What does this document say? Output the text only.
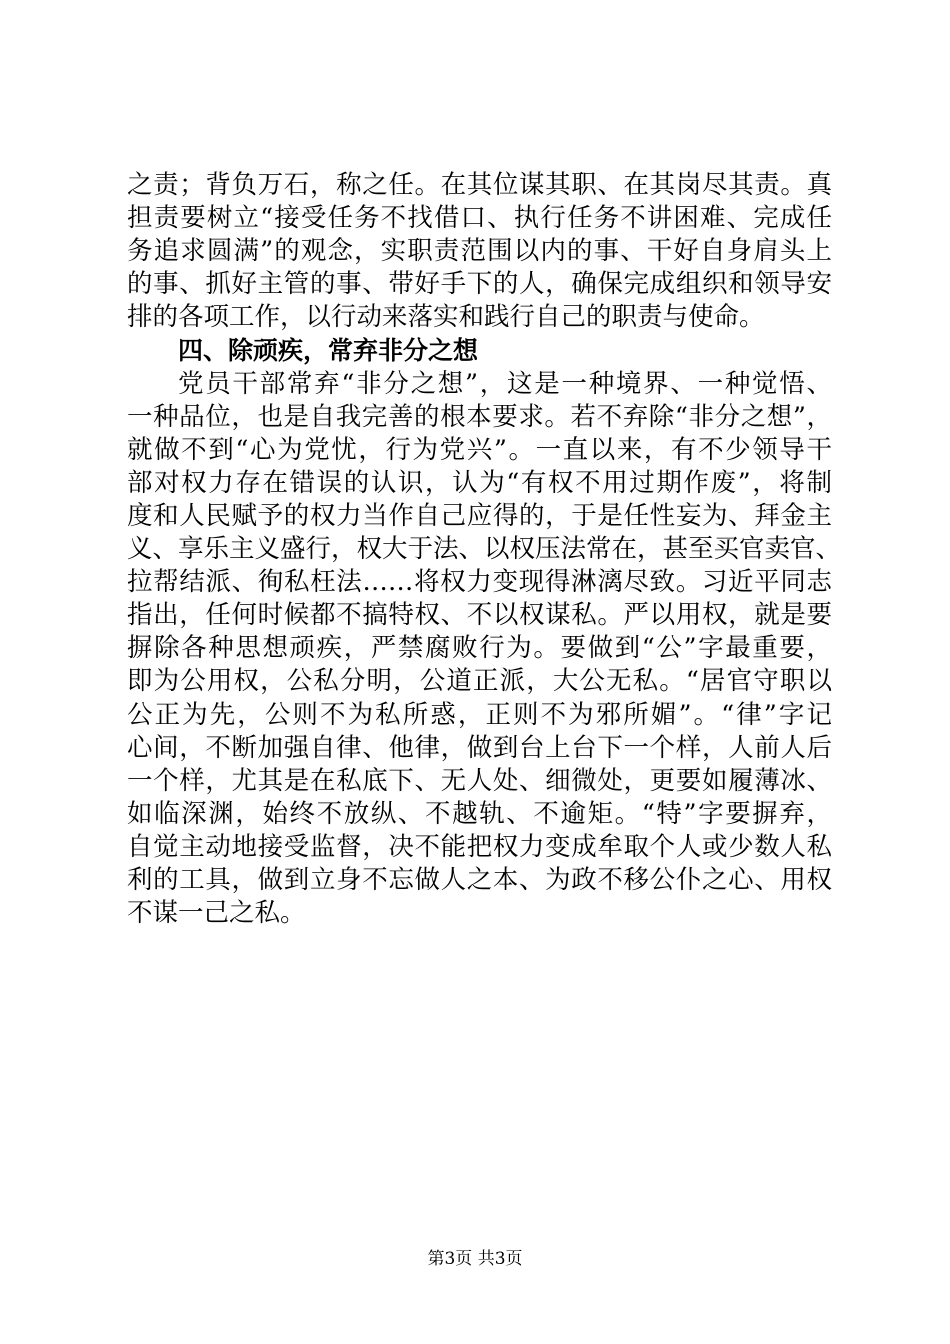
之责；背负万石，称之任。在其位谋其职、在其岗尽其责。真
担责要树立“接受任务不找借口、执行任务不讲困难、完成任
务追求圆满”的观念，实职责范围以内的事、干好自身肩头上
的事、抓好主管的事、带好手下的人，确保完成组织和领导安
排的各项工作，以行动来落实和践行自己的职责与使命。
四、除顽疾，常弃非分之想
党员干部常弃“非分之想”，这是一种境界、一种觉悟、
一种品位，也是自我完善的根本要求。若不弃除“非分之想”，
就做不到“心为党忧，行为党兴”。一直以来，有不少领导干
部对权力存在错误的认识，认为“有权不用过期作废”，将制
度和人民赋予的权力当作自己应得的，于是任性妄为、拜金主
义、享乐主义盛行，权大于法、以权压法常在，甚至买官卖官、
拉帮结派、徇私枉法……将权力变现得淋漓尽致。习近平同志
指出，任何时候都不搞特权、不以权谋私。严以用权，就是要
摒除各种思想顽疾，严禁腐败行为。要做到“公”字最重要，
即为公用权，公私分明，公道正派，大公无私。“居官守职以
公正为先，公则不为私所惑，正则不为邪所媚”。“律”字记
心间，不断加强自律、他律，做到台上台下一个样，人前人后
一个样，尤其是在私底下、无人处、细微处，更要如履薄冰、
如临深渊，始终不放纵、不越轨、不逾矩。“特”字要摒弃，
自觉主动地接受监督，决不能把权力变成牟取个人或少数人私
利的工具，做到立身不忘做人之本、为政不移公仆之心、用权
不谋一己之私。
第3页 共3页
